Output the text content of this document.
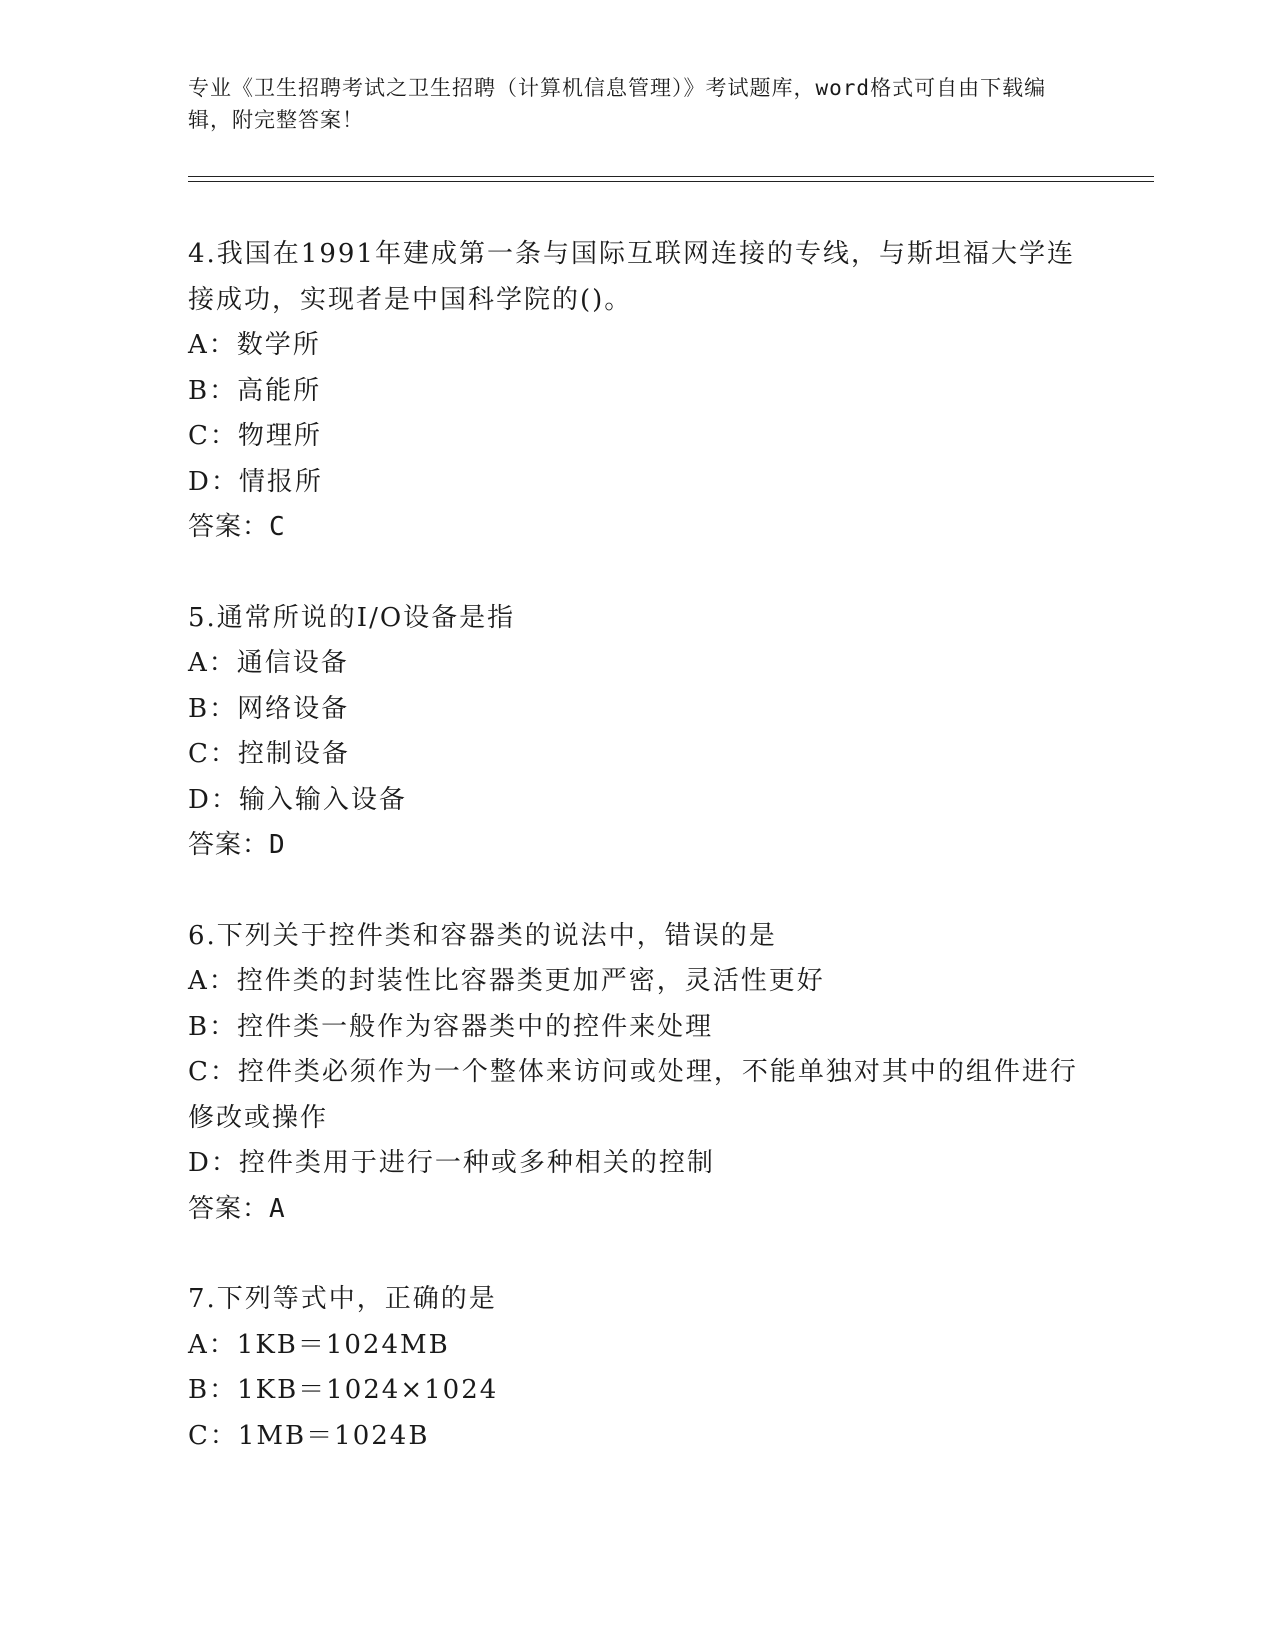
专业《卫生招聘考试之卫生招聘（计算机信息管理）》考试题库，word格式可自由下载编辑，附完整答案！
4.我国在1991年建成第一条与国际互联网连接的专线，与斯坦福大学连接成功，实现者是中国科学院的()。
A：数学所
B：高能所
C：物理所
D：情报所
答案：C
5.通常所说的I/O设备是指
A：通信设备
B：网络设备
C：控制设备
D：输入输入设备
答案：D
6.下列关于控件类和容器类的说法中，错误的是
A：控件类的封装性比容器类更加严密，灵活性更好
B：控件类一般作为容器类中的控件来处理
C：控件类必须作为一个整体来访问或处理，不能单独对其中的组件进行修改或操作
D：控件类用于进行一种或多种相关的控制
答案：A
7.下列等式中，正确的是
A：1KB＝1024MB
B：1KB＝1024×1024
C：1MB＝1024B
